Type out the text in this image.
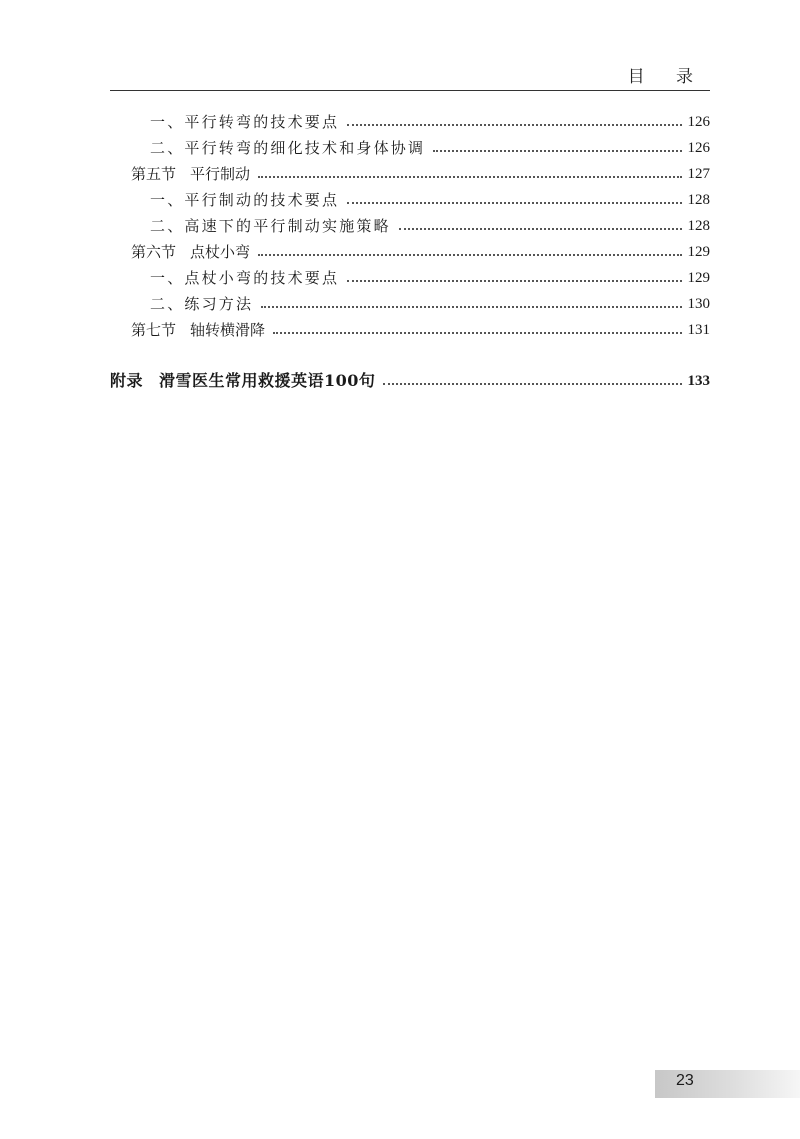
目 录
一、平行转弯的技术要点	126
二、平行转弯的细化技术和身体协调	126
第五节 平行制动	127
一、平行制动的技术要点	128
二、高速下的平行制动实施策略	128
第六节 点杖小弯	129
一、点杖小弯的技术要点	129
二、练习方法	130
第七节 轴转横滑降	131
附录 滑雪医生常用救援英语100句	133
23
